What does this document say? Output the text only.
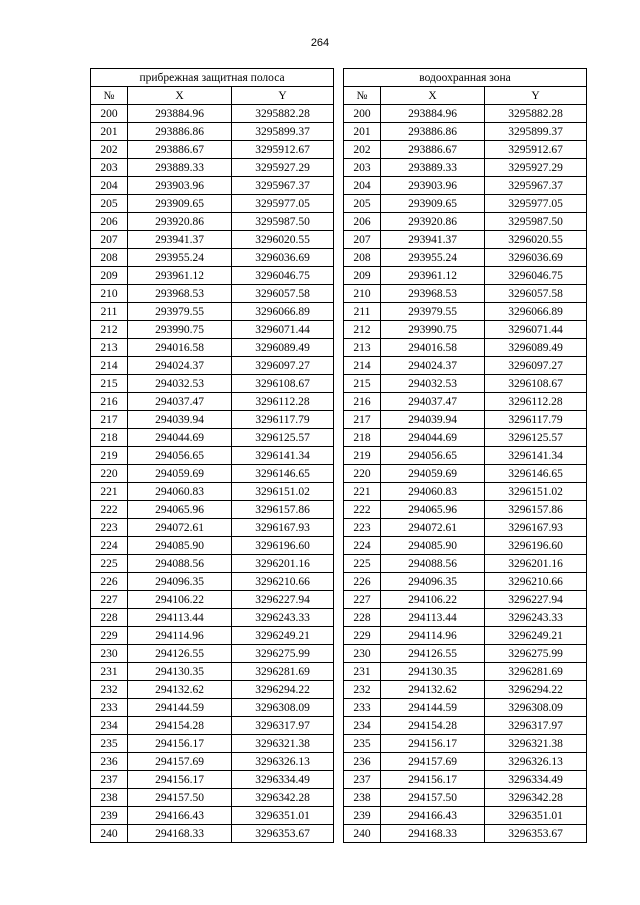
264
прибрежная защитная полоса				водоохранная зона		
№	X	Y		№	X	Y
200	293884.96	3295882.28		200	293884.96	3295882.28
201	293886.86	3295899.37		201	293886.86	3295899.37
202	293886.67	3295912.67		202	293886.67	3295912.67
203	293889.33	3295927.29		203	293889.33	3295927.29
204	293903.96	3295967.37		204	293903.96	3295967.37
205	293909.65	3295977.05		205	293909.65	3295977.05
206	293920.86	3295987.50		206	293920.86	3295987.50
207	293941.37	3296020.55		207	293941.37	3296020.55
208	293955.24	3296036.69		208	293955.24	3296036.69
209	293961.12	3296046.75		209	293961.12	3296046.75
210	293968.53	3296057.58		210	293968.53	3296057.58
211	293979.55	3296066.89		211	293979.55	3296066.89
212	293990.75	3296071.44		212	293990.75	3296071.44
213	294016.58	3296089.49		213	294016.58	3296089.49
214	294024.37	3296097.27		214	294024.37	3296097.27
215	294032.53	3296108.67		215	294032.53	3296108.67
216	294037.47	3296112.28		216	294037.47	3296112.28
217	294039.94	3296117.79		217	294039.94	3296117.79
218	294044.69	3296125.57		218	294044.69	3296125.57
219	294056.65	3296141.34		219	294056.65	3296141.34
220	294059.69	3296146.65		220	294059.69	3296146.65
221	294060.83	3296151.02		221	294060.83	3296151.02
222	294065.96	3296157.86		222	294065.96	3296157.86
223	294072.61	3296167.93		223	294072.61	3296167.93
224	294085.90	3296196.60		224	294085.90	3296196.60
225	294088.56	3296201.16		225	294088.56	3296201.16
226	294096.35	3296210.66		226	294096.35	3296210.66
227	294106.22	3296227.94		227	294106.22	3296227.94
228	294113.44	3296243.33		228	294113.44	3296243.33
229	294114.96	3296249.21		229	294114.96	3296249.21
230	294126.55	3296275.99		230	294126.55	3296275.99
231	294130.35	3296281.69		231	294130.35	3296281.69
232	294132.62	3296294.22		232	294132.62	3296294.22
233	294144.59	3296308.09		233	294144.59	3296308.09
234	294154.28	3296317.97		234	294154.28	3296317.97
235	294156.17	3296321.38		235	294156.17	3296321.38
236	294157.69	3296326.13		236	294157.69	3296326.13
237	294156.17	3296334.49		237	294156.17	3296334.49
238	294157.50	3296342.28		238	294157.50	3296342.28
239	294166.43	3296351.01		239	294166.43	3296351.01
240	294168.33	3296353.67		240	294168.33	3296353.67
